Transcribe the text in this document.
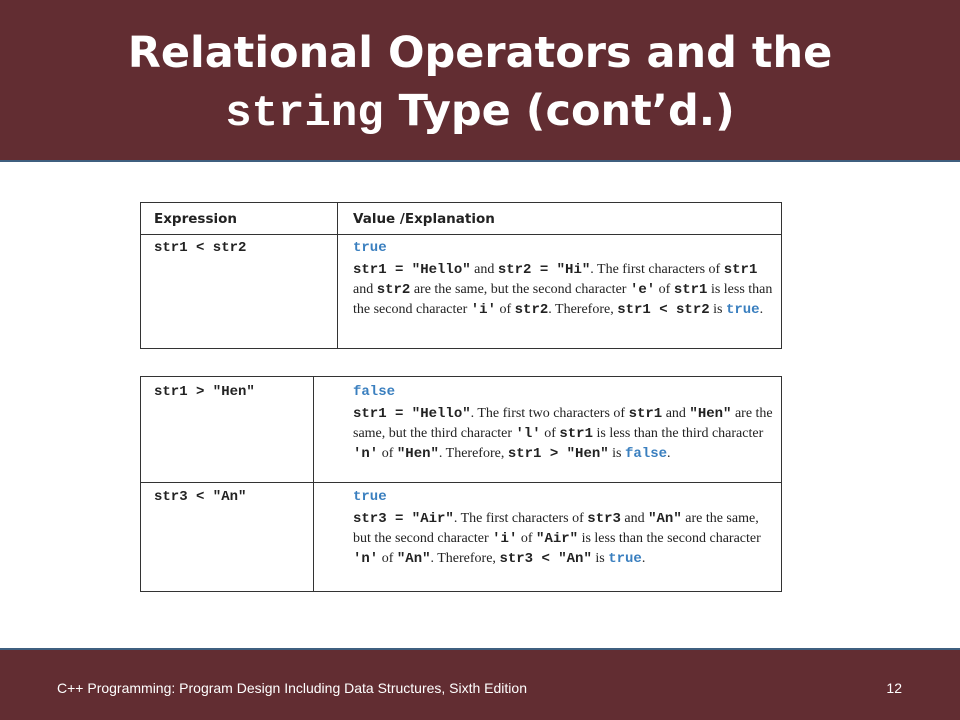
Relational Operators and the
string Type (cont’d.)
Expression	Value /Explanation
str1 < str2	true
str1 = "Hello" and str2 = "Hi". The first characters of str1 and str2 are the same, but the second character 'e' of str1 is less than the second character 'i' of str2. Therefore, str1 < str2 is true.
str1 > "Hen"	false
str1 = "Hello". The first two characters of str1 and "Hen" are the same, but the third character 'l' of str1 is less than the third character 'n' of "Hen". Therefore, str1 > "Hen" is false.
str3 < "An"	true
str3 = "Air". The first characters of str3 and "An" are the same, but the second character 'i' of "Air" is less than the second character 'n' of "An". Therefore, str3 < "An" is true.
C++ Programming: Program Design Including Data Structures, Sixth Edition	12
